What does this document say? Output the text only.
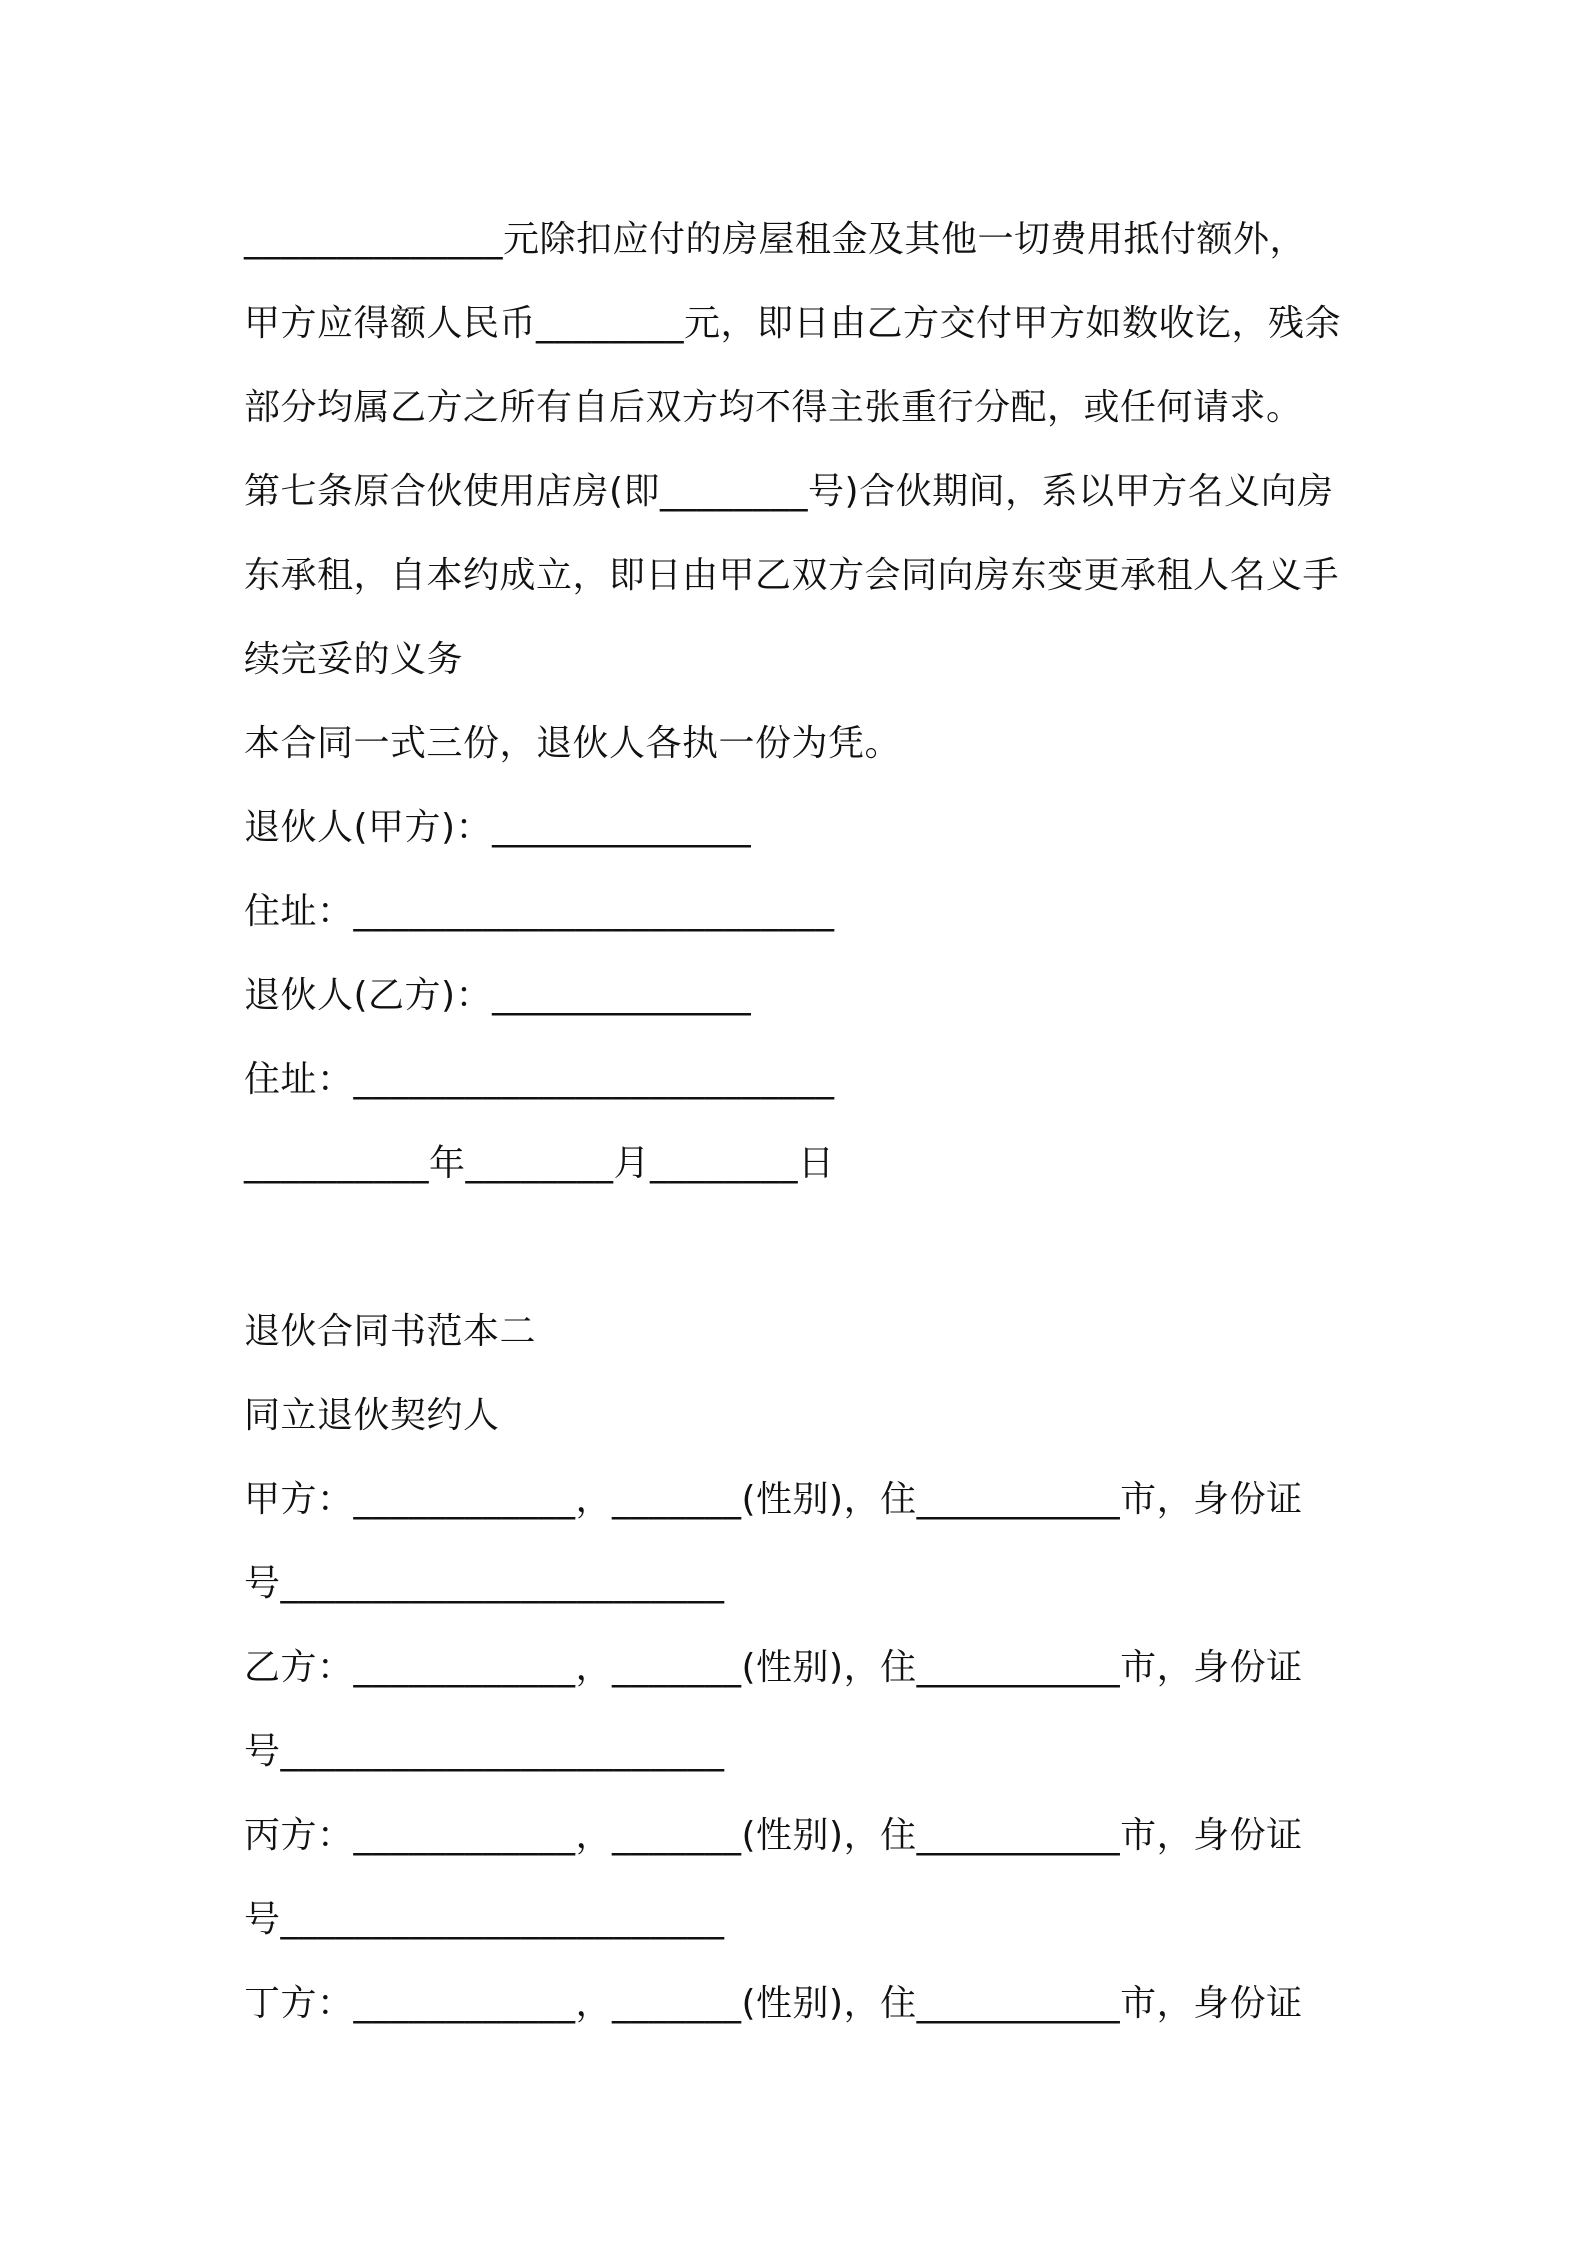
______________元除扣应付的房屋租金及其他一切费用抵付额外，
甲方应得额人民币________元，即日由乙方交付甲方如数收讫，残余
部分均属乙方之所有自后双方均不得主张重行分配，或任何请求。
第七条原合伙使用店房(即________号)合伙期间，系以甲方名义向房
东承租，自本约成立，即日由甲乙双方会同向房东变更承租人名义手
续完妥的义务
本合同一式三份，退伙人各执一份为凭。
退伙人(甲方)：______________
住址：__________________________
退伙人(乙方)：______________
住址：__________________________
__________年________月________日
退伙合同书范本二
同立退伙契约人
甲方：____________，_______(性别)，住___________市，身份证
号________________________
乙方：____________，_______(性别)，住___________市，身份证
号________________________
丙方：____________，_______(性别)，住___________市，身份证
号________________________
丁方：____________，_______(性别)，住___________市，身份证
